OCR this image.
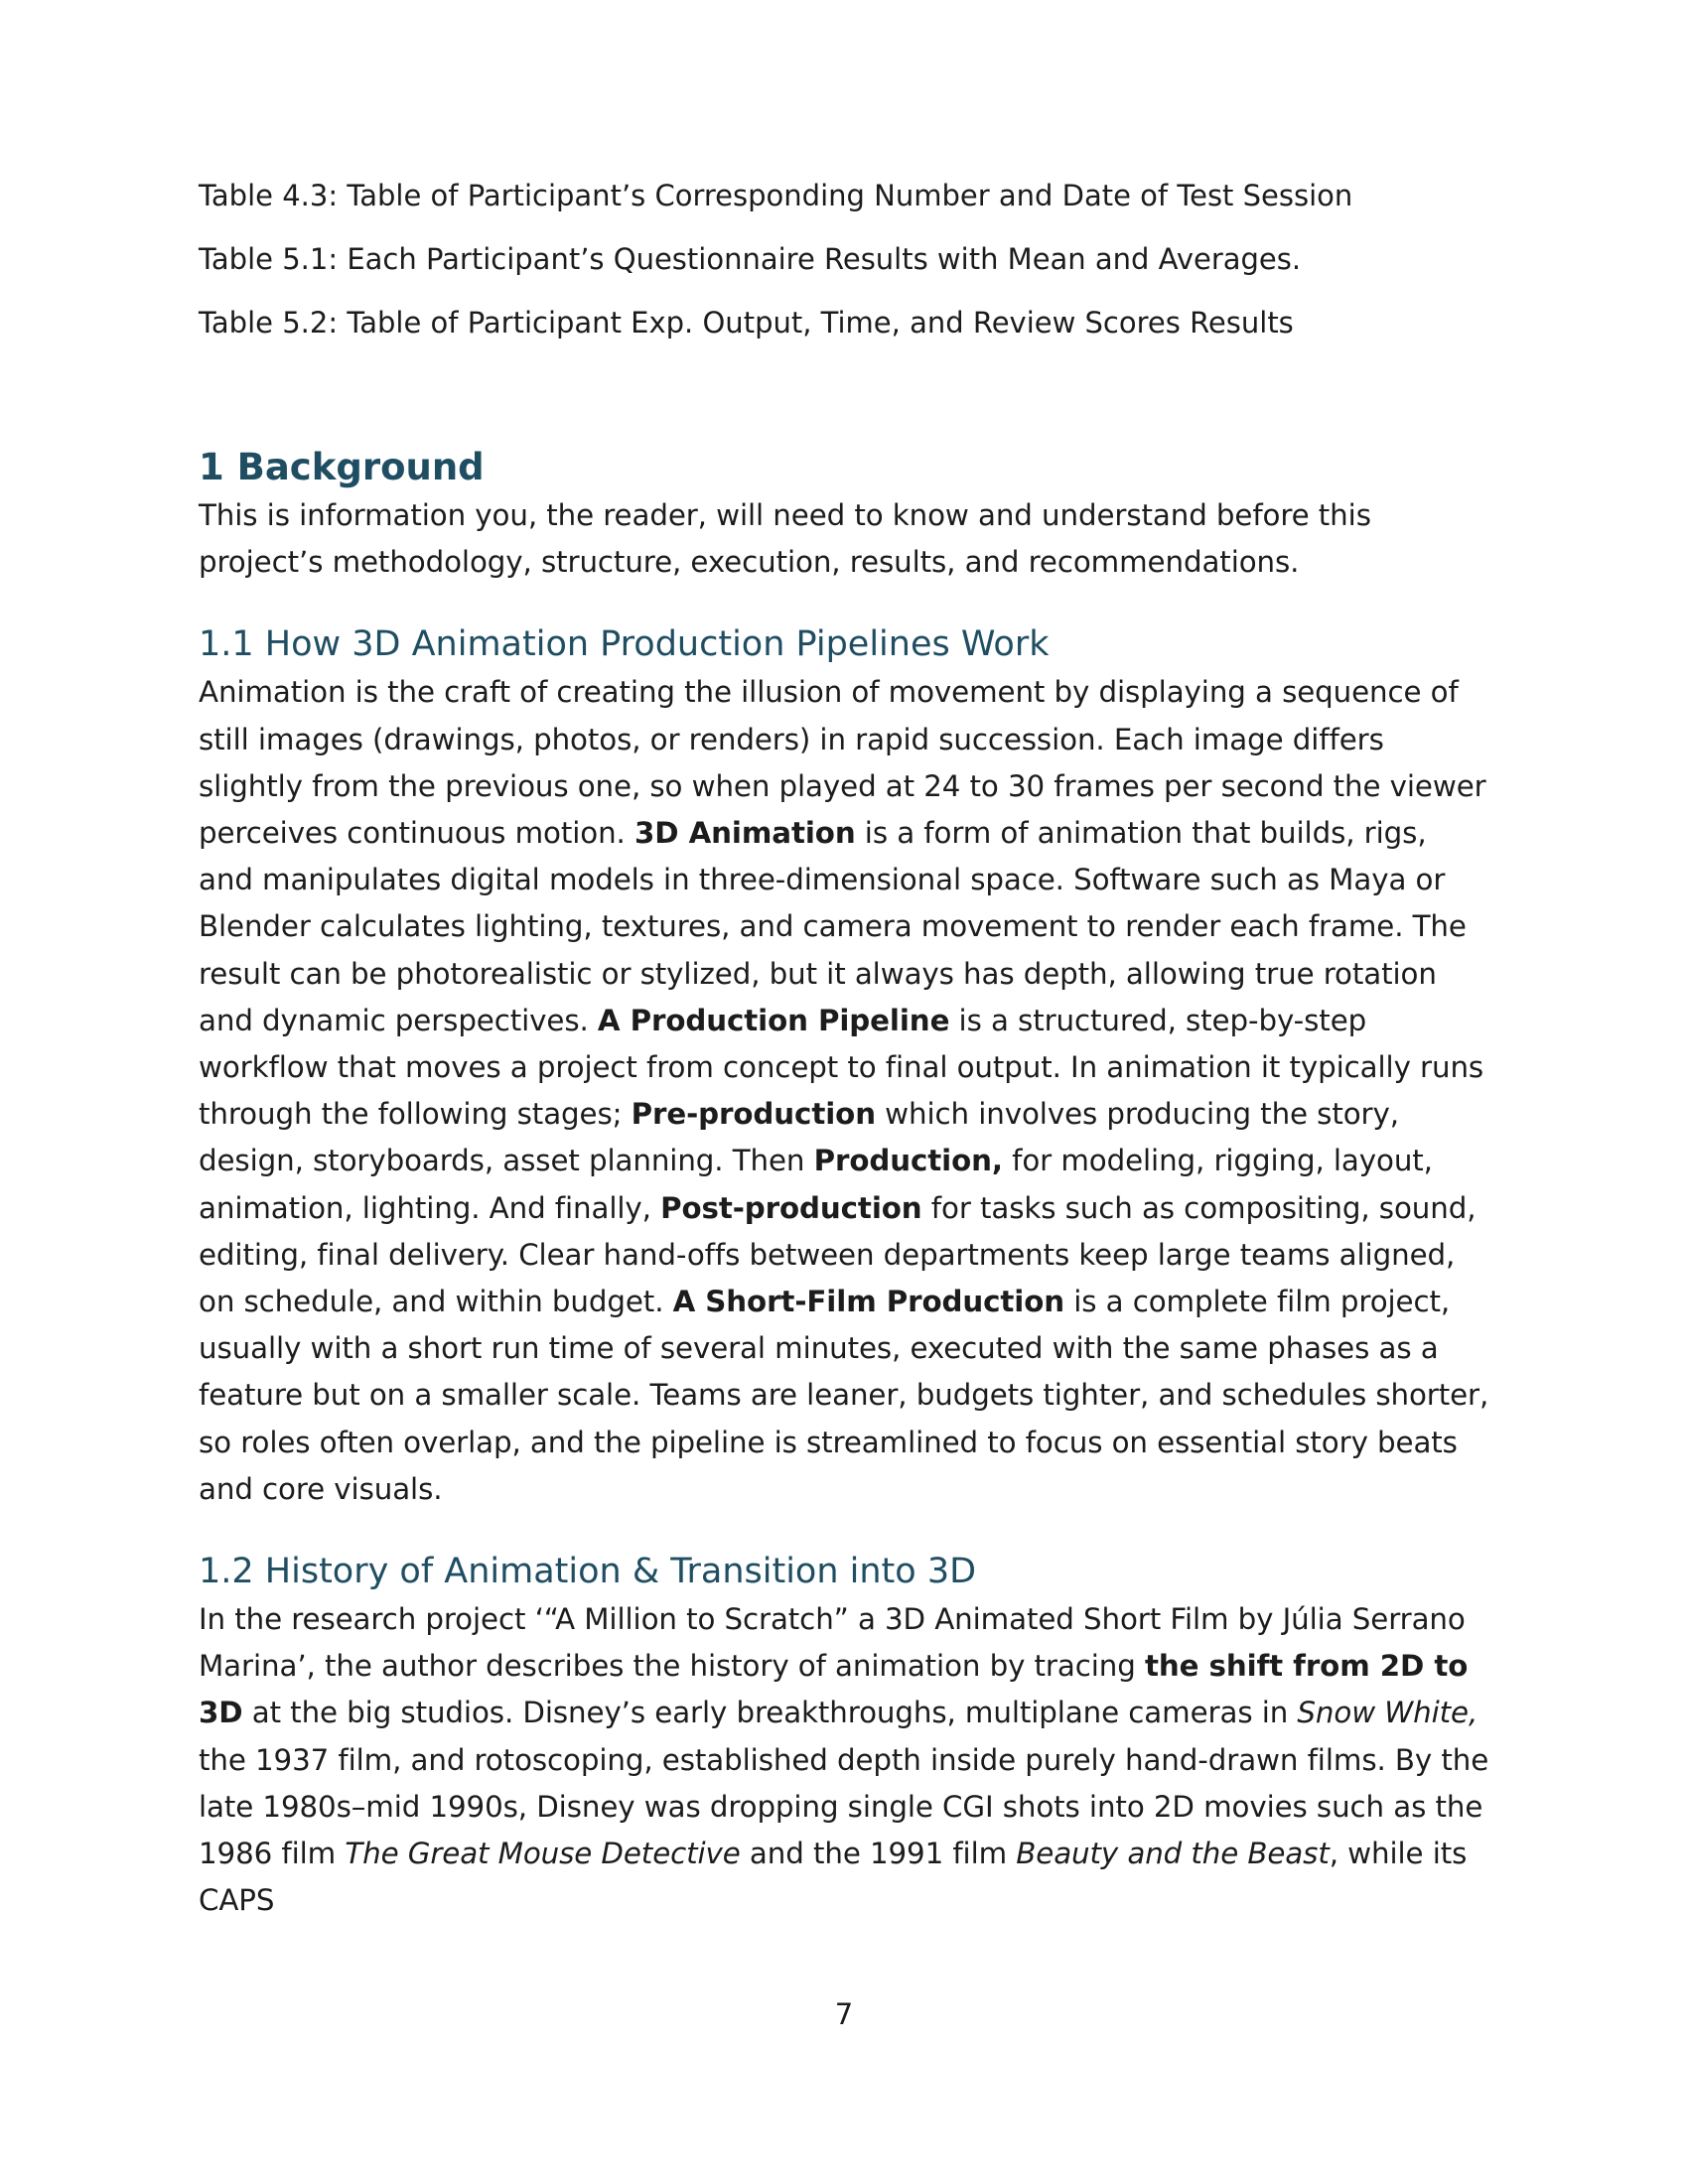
Table 4.3: Table of Participant’s Corresponding Number and Date of Test Session
Table 5.1: Each Participant’s Questionnaire Results with Mean and Averages.
Table 5.2: Table of Participant Exp. Output, Time, and Review Scores Results
1 Background

This is information you, the reader, will need to know and understand before this project’s methodology, structure, execution, results, and recommendations.

1.1 How 3D Animation Production Pipelines Work

Animation is the craft of creating the illusion of movement by displaying a sequence of still images (drawings, photos, or renders) in rapid succession. Each image differs slightly from the previous one, so when played at 24 to 30 frames per second the viewer perceives continuous motion. 3D Animation is a form of animation that builds, rigs, and manipulates digital models in three-dimensional space. Software such as Maya or Blender calculates lighting, textures, and camera movement to render each frame. The result can be photorealistic or stylized, but it always has depth, allowing true rotation and dynamic perspectives. A Production Pipeline is a structured, step-by-step workflow that moves a project from concept to final output. In animation it typically runs through the following stages; Pre-production which involves producing the story, design, storyboards, asset planning. Then Production, for modeling, rigging, layout, animation, lighting. And finally, Post-production for tasks such as compositing, sound, editing, final delivery. Clear hand-offs between departments keep large teams aligned, on schedule, and within budget. A Short-Film Production is a complete film project, usually with a short run time of several minutes, executed with the same phases as a feature but on a smaller scale. Teams are leaner, budgets tighter, and schedules shorter, so roles often overlap, and the pipeline is streamlined to focus on essential story beats and core visuals.

1.2 History of Animation & Transition into 3D

In the research project ‘“A Million to Scratch” a 3D Animated Short Film by Júlia Serrano Marina’, the author describes the history of animation by tracing the shift from 2D to 3D at the big studios. Disney’s early breakthroughs, multiplane cameras in Snow White, the 1937 film, and rotoscoping, established depth inside purely hand-drawn films. By the late 1980s–mid 1990s, Disney was dropping single CGI shots into 2D movies such as the 1986 film The Great Mouse Detective and the 1991 film Beauty and the Beast, while its CAPS

7
